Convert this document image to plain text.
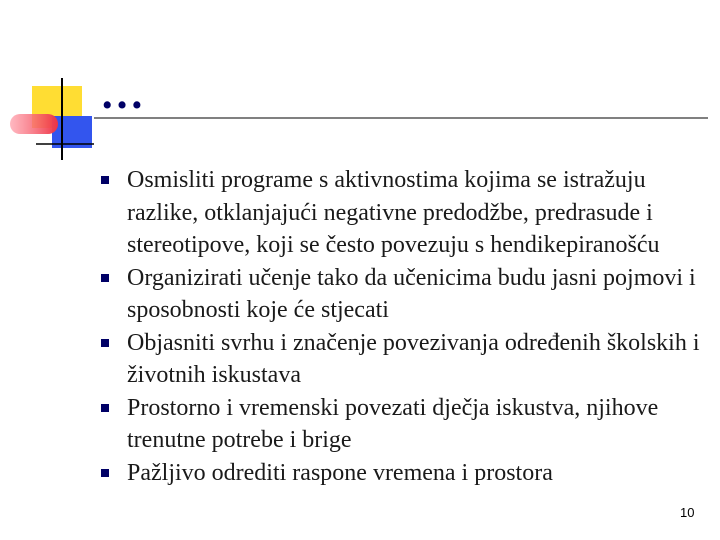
…
Osmisliti programe s aktivnostima kojima se istražuju razlike, otklanjajući negativne predodžbe, predrasude i stereotipove, koji se često povezuju s hendikepiranošću
Organizirati učenje tako da učenicima budu jasni pojmovi i sposobnosti koje će stjecati
Objasniti svrhu i značenje povezivanja određenih školskih i životnih iskustava
Prostorno i vremenski povezati dječja iskustva, njihove trenutne potrebe i brige
Pažljivo odrediti raspone vremena i prostora
10
